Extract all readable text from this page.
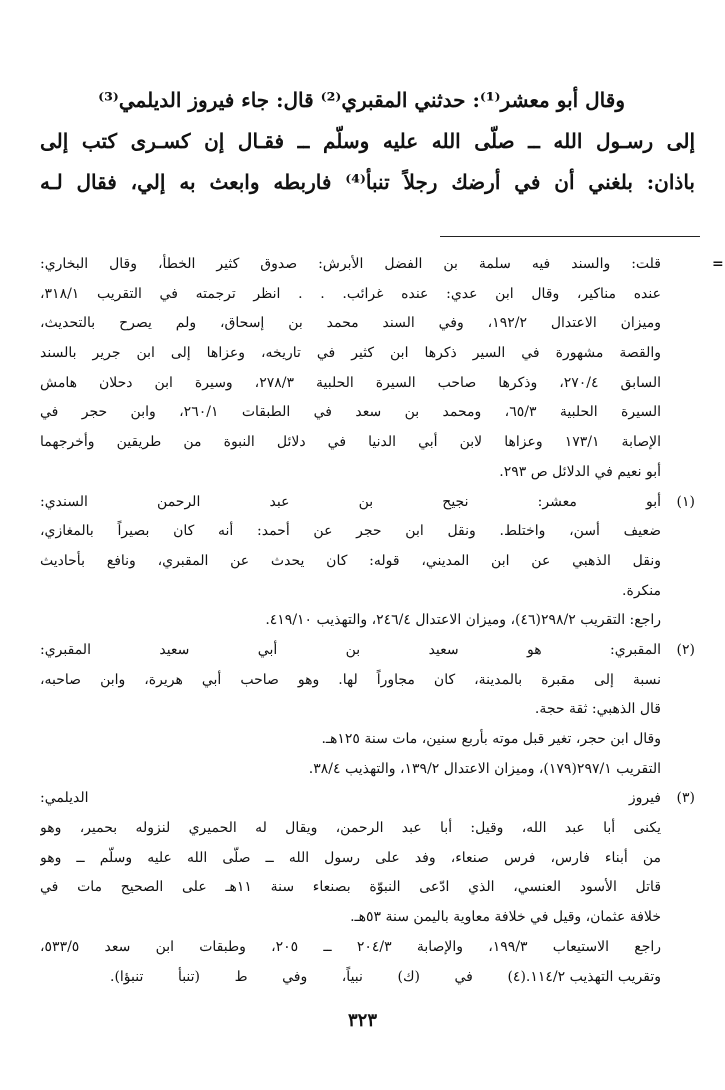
وقال أبو معشر⁽¹⁾: حدثني المقبري⁽²⁾ قال: جاء فيروز الديلمي⁽³⁾
إلى رسـول الله ــ صلّى الله عليه وسلّم ــ فقـال إن كسـرى كتب إلى
باذان: بلغني أن في أرضك رجلاً تنبأ⁽⁴⁾ فاربطه وابعث به إلي، فقال لـه
=
قلت: والسند فيه سلمة بن الفضل الأبرش: صدوق كثير الخطأ، وقال البخاري:
عنده مناكير، وقال ابن عدي: عنده غرائب. . . انظر ترجمته في التقريب ٣١٨/١،
وميزان الاعتدال ١٩٢/٢، وفي السند محمد بن إسحاق، ولم يصرح بالتحديث،
والقصة مشهورة في السير ذكرها ابن كثير في تاريخه، وعزاها إلى ابن جرير بالسند
السابق ٢٧٠/٤، وذكرها صاحب السيرة الحلبية ٢٧٨/٣، وسيرة ابن دحلان هامش
السيرة الحلبية ٦٥/٣، ومحمد بن سعد في الطبقات ٢٦٠/١، وابن حجر في
الإصابة ١٧٣/١ وعزاها لابن أبي الدنيا في دلائل النبوة من طريقين وأخرجهما
أبو نعيم في الدلائل ص ٢٩٣.
(١)
أبو معشر: نجيح بن عبد الرحمن السندي:
ضعيف أسن، واختلط. ونقل ابن حجر عن أحمد: أنه كان بصيراً بالمغازي،
ونقل الذهبي عن ابن المديني، قوله: كان يحدث عن المقبري، ونافع بأحاديث
منكرة.
راجع: التقريب ٢٩٨/٢(٤٦)، وميزان الاعتدال ٢٤٦/٤، والتهذيب ٤١٩/١٠.
(٢)
المقبري: هو سعيد بن أبي سعيد المقبري:
نسبة إلى مقبرة بالمدينة، كان مجاوراً لها. وهو صاحب أبي هريرة، وابن صاحبه،
قال الذهبي: ثقة حجة.
وقال ابن حجر، تغير قبل موته بأربع سنين، مات سنة ١٢٥هـ.
التقريب ٢٩٧/١(١٧٩)، وميزان الاعتدال ١٣٩/٢، والتهذيب ٣٨/٤.
(٣)
فيروز الديلمي:
يكنى أبا عبد الله، وقيل: أبا عبد الرحمن، ويقال له الحميري لنزوله بحمير، وهو
من أبناء فارس، فرس صنعاء، وفد على رسول الله ــ صلّى الله عليه وسلّم ــ وهو
قاتل الأسود العنسي، الذي ادّعى النبوّة بصنعاء سنة ١١هـ على الصحيح مات في
خلافة عثمان، وقيل في خلافة معاوية باليمن سنة ٥٣هـ.
راجع الاستيعاب ١٩٩/٣، والإصابة ٢٠٤/٣ ــ ٢٠٥، وطبقات ابن سعد ٥٣٣/٥،
وتقريب التهذيب ١١٤/٢.
(٤) في (ك) نبياً، وفي ط (تنبأ تنبؤا).
٣٢٣
